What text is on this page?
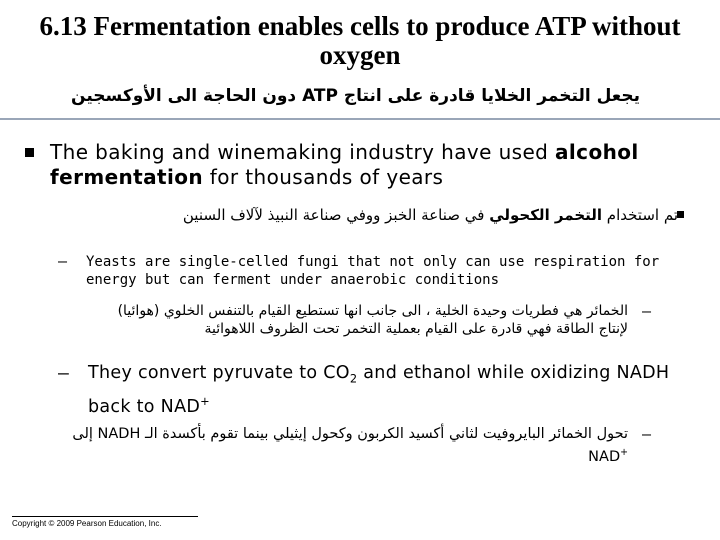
6.13 Fermentation enables cells to produce ATP without oxygen
يجعل التخمر الخلايا قادرة على انتاج ATP دون الحاجة الى الأوكسجين
The baking and winemaking industry have used alcohol fermentation for thousands of years
تم استخدام التخمر الكحولي في صناعة الخبز ووفي صناعة النبيذ لآلاف السنين
– Yeasts are single-celled fungi that not only can use respiration for energy but can ferment under anaerobic conditions
–
الخمائر هي فطريات وحيدة الخلية ، الى جانب انها تستطيع القيام بالتنفس الخلوي (هوائيا)
لإنتاج الطاقة فهي قادرة على القيام بعملية التخمر تحت الظروف اللاهوائية
– They convert pyruvate to $CO_2$ and ethanol while oxidizing NADH back to NAD+
–
تحول الخمائر البايروفيت لثاني أكسيد الكربون وكحول إيثيلي بينما تقوم بأكسدة الـ NADH إلى
NAD+
Copyright © 2009 Pearson Education, Inc.
